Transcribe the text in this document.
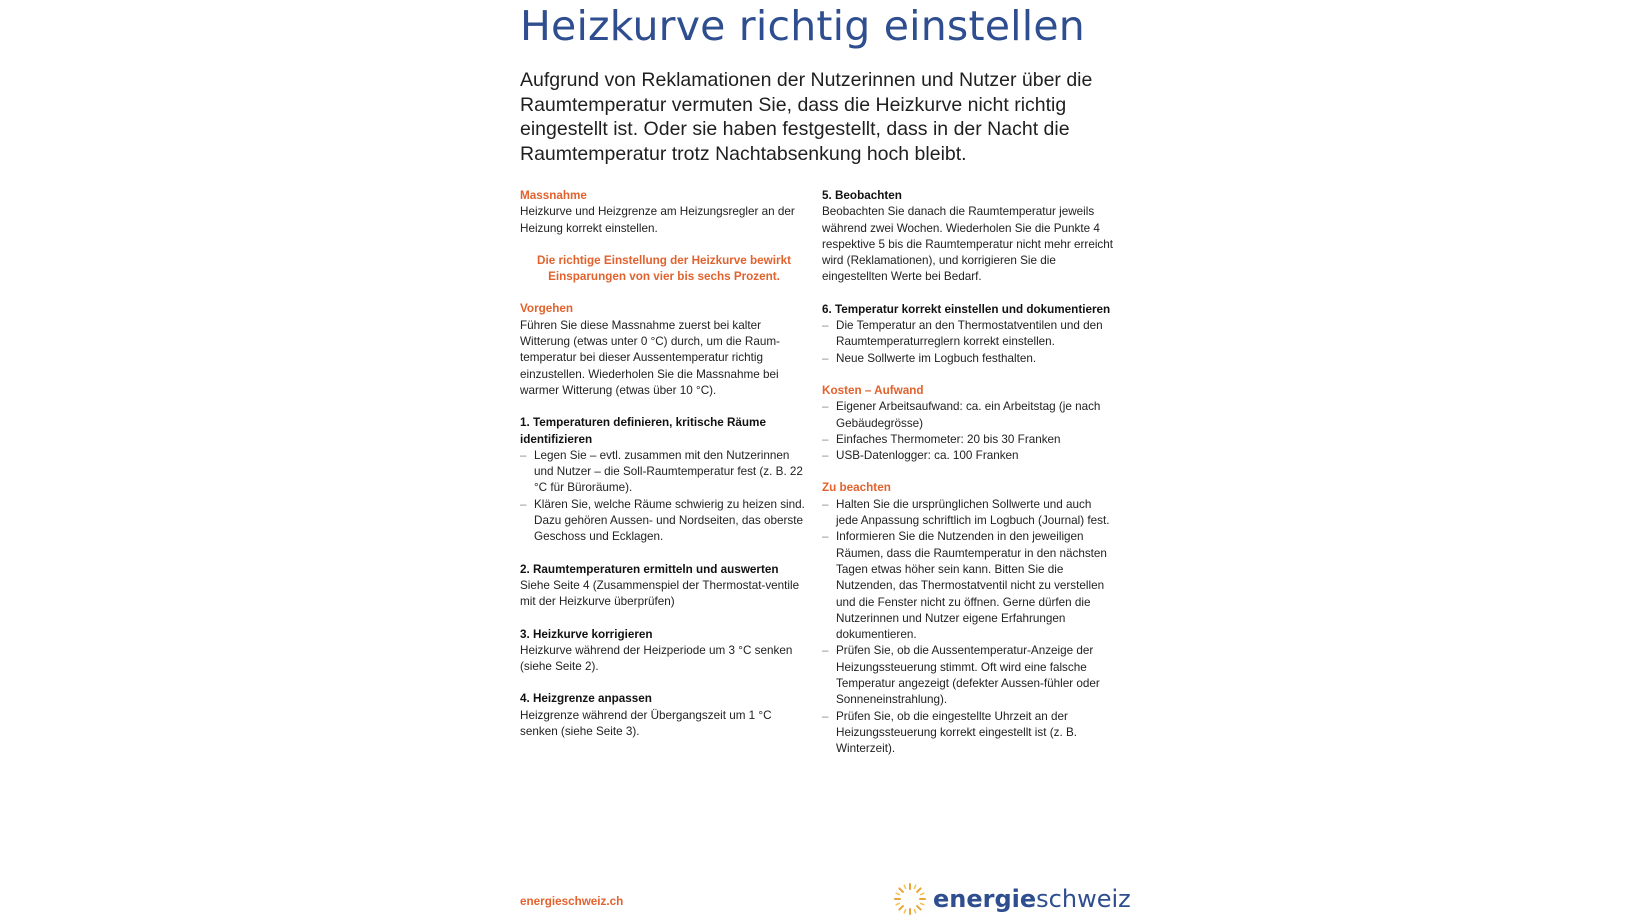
Heizkurve richtig einstellen

Aufgrund von Reklamationen der Nutzerinnen und Nutzer über die Raumtemperatur vermuten Sie, dass die Heizkurve nicht richtig eingestellt ist. Oder sie haben festgestellt, dass in der Nacht die Raumtemperatur trotz Nachtabsenkung hoch bleibt.

Massnahme

Heizkurve und Heizgrenze am Heizungsregler an der Heizung korrekt einstellen.

Die richtige Einstellung der Heizkurve bewirkt Einsparungen von vier bis sechs Prozent.

Vorgehen

Führen Sie diese Massnahme zuerst bei kalter Witterung (etwas unter 0 °C) durch, um die Raum-temperatur bei dieser Aussentemperatur richtig einzustellen. Wiederholen Sie die Massnahme bei warmer Witterung (etwas über 10 °C).

1. Temperaturen definieren, kritische Räume identifizieren

– Legen Sie – evtl. zusammen mit den Nutzerinnen und Nutzer – die Soll-Raumtemperatur fest (z. B. 22 °C für Büroräume).
– Klären Sie, welche Räume schwierig zu heizen sind. Dazu gehören Aussen- und Nordseiten, das oberste Geschoss und Ecklagen.

2. Raumtemperaturen ermitteln und auswerten

Siehe Seite 4 (Zusammenspiel der Thermostat-ventile mit der Heizkurve überprüfen)

3. Heizkurve korrigieren

Heizkurve während der Heizperiode um 3 °C senken (siehe Seite 2).

4. Heizgrenze anpassen

Heizgrenze während der Übergangszeit um 1 °C senken (siehe Seite 3).

5. Beobachten

Beobachten Sie danach die Raumtemperatur jeweils während zwei Wochen. Wiederholen Sie die Punkte 4 respektive 5 bis die Raumtemperatur nicht mehr erreicht wird (Reklamationen), und korrigieren Sie die eingestellten Werte bei Bedarf.

6. Temperatur korrekt einstellen und dokumentieren

– Die Temperatur an den Thermostatventilen und den Raumtemperaturreglern korrekt einstellen.
– Neue Sollwerte im Logbuch festhalten.

Kosten – Aufwand

– Eigener Arbeitsaufwand: ca. ein Arbeitstag (je nach Gebäudegrösse)
– Einfaches Thermometer: 20 bis 30 Franken
– USB-Datenlogger: ca. 100 Franken

Zu beachten

– Halten Sie die ursprünglichen Sollwerte und auch jede Anpassung schriftlich im Logbuch (Journal) fest.
– Informieren Sie die Nutzenden in den jeweiligen Räumen, dass die Raumtemperatur in den nächsten Tagen etwas höher sein kann. Bitten Sie die Nutzenden, das Thermostatventil nicht zu verstellen und die Fenster nicht zu öffnen. Gerne dürfen die Nutzerinnen und Nutzer eigene Erfahrungen dokumentieren.
– Prüfen Sie, ob die Aussentemperatur-Anzeige der Heizungssteuerung stimmt. Oft wird eine falsche Temperatur angezeigt (defekter Aussen-fühler oder Sonneneinstrahlung).
– Prüfen Sie, ob die eingestellte Uhrzeit an der Heizungssteuerung korrekt eingestellt ist (z. B. Winterzeit).
energieschweiz.ch	energieschweiz
